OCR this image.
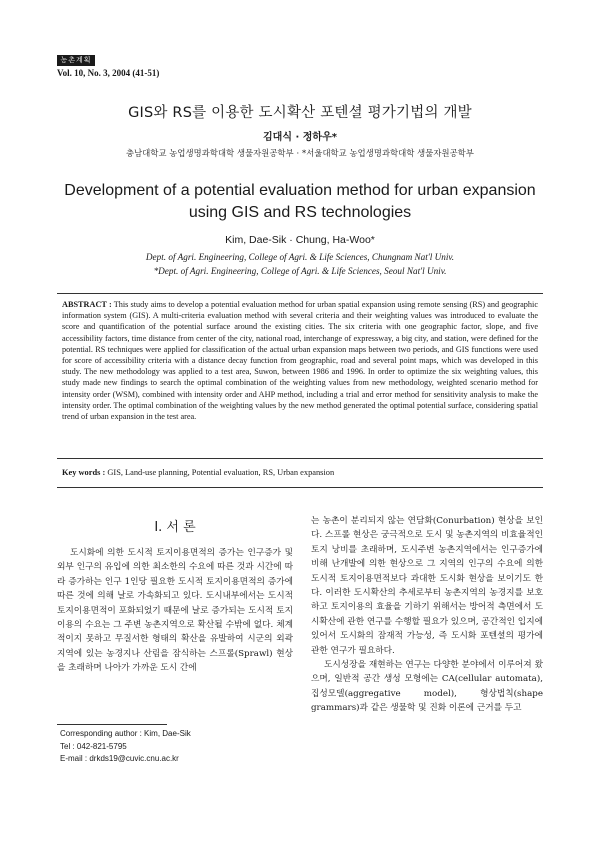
농촌계획
Vol. 10, No. 3, 2004 (41-51)
GIS와 RS를 이용한 도시확산 포텐셜 평가기법의 개발
김대식 · 정하우*
충남대학교 농업생명과학대학 생물자원공학부 · *서울대학교 농업생명과학대학 생물자원공학부
Development of a potential evaluation method for urban expansion using GIS and RS technologies
Kim, Dae-Sik · Chung, Ha-Woo*
Dept. of Agri. Engineering, College of Agri. & Life Sciences, Chungnam Nat'l Univ.
*Dept. of Agri. Engineering, College of Agri. & Life Sciences, Seoul Nat'l Univ.
ABSTRACT : This study aims to develop a potential evaluation method for urban spatial expansion using remote sensing (RS) and geographic information system (GIS). A multi-criteria evaluation method with several criteria and their weighting values was introduced to evaluate the score and quantification of the potential surface around the existing cities. The six criteria with one geographic factor, slope, and five accessibility factors, time distance from center of the city, national road, interchange of expressway, a big city, and station, were defined for the potential. RS techniques were applied for classification of the actual urban expansion maps between two periods, and GIS functions were used for score of accessibility criteria with a distance decay function from geographic, road and several point maps, which was developed in this study. The new methodology was applied to a test area, Suwon, between 1986 and 1996. In order to optimize the six weighting values, this study made new findings to search the optimal combination of the weighting values from new methodology, weighted scenario method for intensity order (WSM), combined with intensity order and AHP method, including a trial and error method for sensitivity analysis to make the intensity order. The optimal combination of the weighting values by the new method generated the optimal potential surface, considering spatial trend of urban expansion in the test area.
Key words : GIS, Land-use planning, Potential evaluation, RS, Urban expansion
I. 서 론

도시화에 의한 도시적 토지이용면적의 증가는 인구증가 및 외부 인구의 유입에 의한 최소한의 수요에 따른 것과 시간에 따라 증가하는 인구 1인당 필요한 도시적 토지이용면적의 증가에 따른 것에 의해 날로 가속화되고 있다. 도시내부에서는 도시적 토지이용면적이 포화되었기 때문에 날로 증가되는 도시적 토지이용의 수요는 그 주변 농촌지역으로 확산될 수밖에 없다. 체계적이지 못하고 무질서한 형태의 확산을 유발하여 시군의 외곽지역에 있는 농경지나 산림을 잠식하는 스프롤(Sprawl) 현상을 초래하며 나아가 가까운 도시 간에

는 농촌이 분리되지 않는 연담화(Conurbation) 현상을 보인다. 스프롤 현상은 궁극적으로 도시 및 농촌지역의 비효율적인 토지 낭비를 초래하며, 도시주변 농촌지역에서는 인구증가에 비해 난개발에 의한 현상으로 그 지역의 인구의 수요에 의한 도시적 토지이용면적보다 과대한 도시화 현상을 보이기도 한다. 이러한 도시확산의 추세로부터 농촌지역의 농경지를 보호하고 토지이용의 효율을 기하기 위해서는 방어적 측면에서 도시확산에 관한 연구를 수행할 필요가 있으며, 공간적인 입지에 있어서 도시화의 잠재적 가능성, 즉 도시화 포텐셜의 평가에 관한 연구가 필요하다.

도시성장을 재현하는 연구는 다양한 분야에서 이루어져 왔으며, 일반적 공간 생성 모형에는 CA(cellular automata), 집성모델(aggregative model), 형상법칙(shape grammars)과 같은 생물학 및 진화 이론에 근거를 두고

Corresponding author : Kim, Dae-Sik
Tel : 042-821-5795
E-mail : drkds19@cuvic.cnu.ac.kr
